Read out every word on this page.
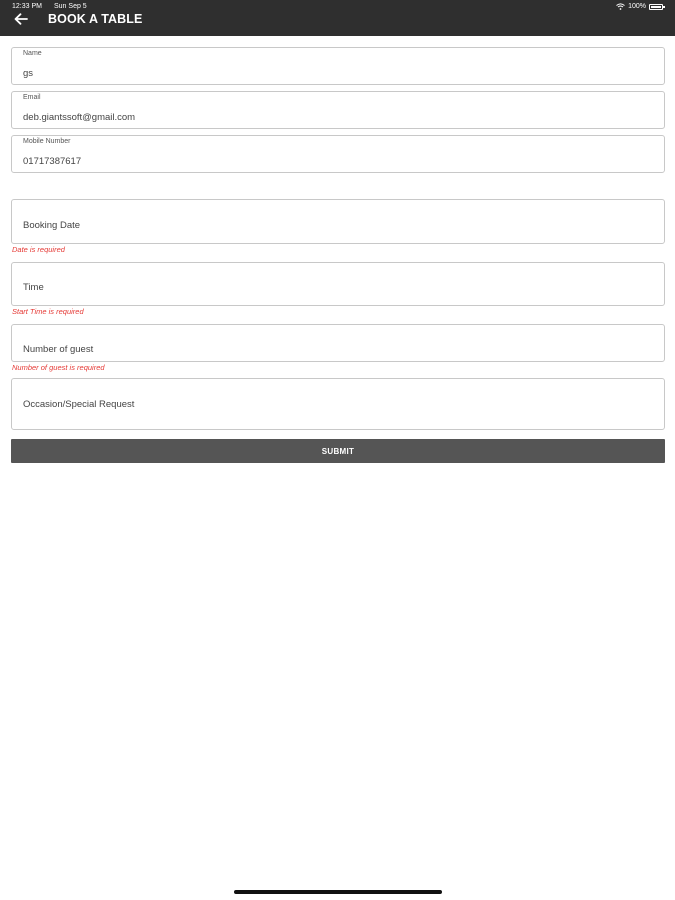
12:33 PM Sun Sep 5	100%
BOOK A TABLE
Name
gs
Email
deb.giantssoft@gmail.com
Mobile Number
01717387617
Booking Date
Date is required
Time
Start Time is required
Number of guest
Number of guest is required
Occasion/Special Request
SUBMIT
